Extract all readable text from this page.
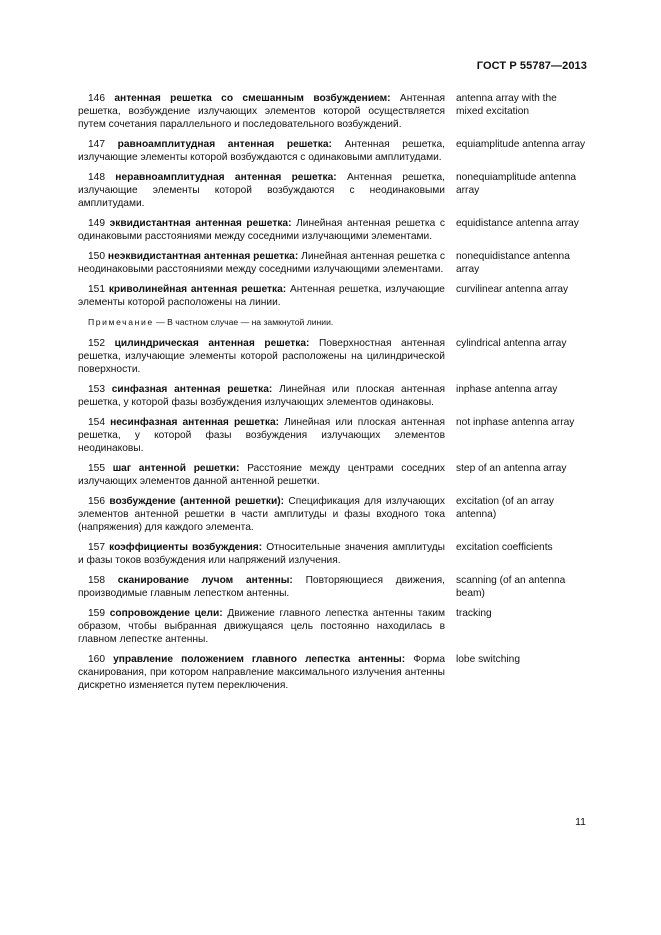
ГОСТ Р 55787—2013
146 антенная решетка со смешанным возбуждением: Антенная решетка, возбуждение излучающих элементов которой осуществляется путем сочетания параллельного и последовательного возбуждений.
antenna array with the mixed excitation
147 равноамплитудная антенная решетка: Антенная решетка, излучающие элементы которой возбуждаются с одинаковыми амплитудами.
equiamplitude antenna array
148 неравноамплитудная антенная решетка: Антенная решетка, излучающие элементы которой возбуждаются с неодинаковыми амплитудами.
nonequiamplitude antenna array
149 эквидистантная антенная решетка: Линейная антенная решетка с одинаковыми расстояниями между соседними излучающими элементами.
equidistance antenna array
150 неэквидистантная антенная решетка: Линейная антенная решетка с неодинаковыми расстояниями между соседними излучающими элементами.
nonequidistance antenna array
151 криволинейная антенная решетка: Антенная решетка, излучающие элементы которой расположены на линии.
curvilinear antenna array
Примечание — В частном случае — на замкнутой линии.
152 цилиндрическая антенная решетка: Поверхностная антенная решетка, излучающие элементы которой расположены на цилиндрической поверхности.
cylindrical antenna array
153 синфазная антенная решетка: Линейная или плоская антенная решетка, у которой фазы возбуждения излучающих элементов одинаковы.
inphase antenna array
154 несинфазная антенная решетка: Линейная или плоская антенная решетка, у которой фазы возбуждения излучающих элементов неодинаковы.
not inphase antenna array
155 шаг антенной решетки: Расстояние между центрами соседних излучающих элементов данной антенной решетки.
step of an antenna array
156 возбуждение (антенной решетки): Спецификация для излучающих элементов антенной решетки в части амплитуды и фазы входного тока (напряжения) для каждого элемента.
excitation (of an array antenna)
157 коэффициенты возбуждения: Относительные значения амплитуды и фазы токов возбуждения или напряжений излучения.
excitation coefficients
158 сканирование лучом антенны: Повторяющиеся движения, производимые главным лепестком антенны.
scanning (of an antenna beam)
159 сопровождение цели: Движение главного лепестка антенны таким образом, чтобы выбранная движущаяся цель постоянно находилась в главном лепестке антенны.
tracking
160 управление положением главного лепестка антенны: Форма сканирования, при котором направление максимального излучения антенны дискретно изменяется путем переключения.
lobe switching
11
